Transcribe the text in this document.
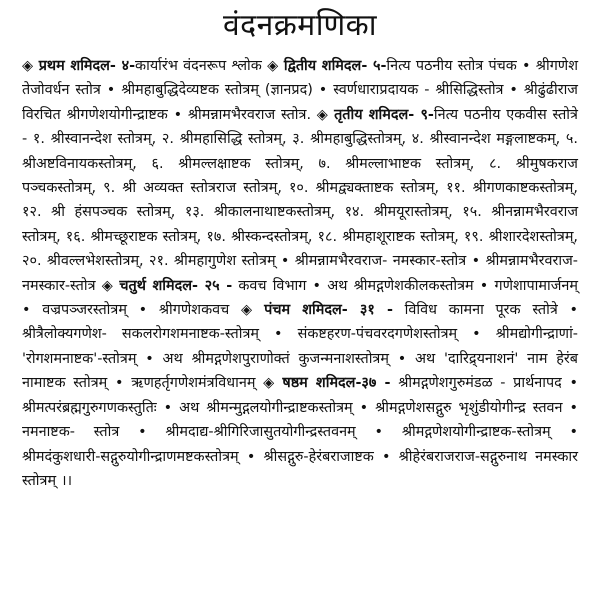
वंदनक्रमणिका

◈ प्रथम शमिदल- ४-कार्यारंभ वंदनरूप श्लोक ◈ द्वितीय शमिदल- ५-नित्य पठनीय स्तोत्र पंचक • श्रीगणेश तेजोवर्धन स्तोत्र • श्रीमहाबुद्धिदेव्यष्टक स्तोत्रम् (ज्ञानप्रद) • स्वर्णधाराप्रदायक - श्रीसिद्धिस्तोत्र • श्रीढुंढीराज विरचित श्रीगणेशयोगीन्द्राष्टक • श्रीमन्नामभैरवराज स्तोत्र. ◈ तृतीय शमिदल- ९-नित्य पठनीय एकवीस स्तोत्रे - १. श्रीस्वानन्देश स्तोत्रम्, २. श्रीमहासिद्धि स्तोत्रम्, ३. श्रीमहाबुद्धिस्तोत्रम्, ४. श्रीस्वानन्देश मङ्गलाष्टकम्, ५. श्रीअष्टविनायकस्तोत्रम्, ६. श्रीमल्लक्षाष्टक स्तोत्रम्, ७. श्रीमल्लाभाष्टक स्तोत्रम्, ८. श्रीमुषकराज पञ्चकस्तोत्रम्, ९. श्री अव्यक्त स्तोत्रराज स्तोत्रम्, १०. श्रीमद्व्यक्ताष्टक स्तोत्रम्, ११. श्रीगणकाष्टकस्तोत्रम्, १२. श्री हंसपञ्चक स्तोत्रम्, १३. श्रीकालनाथाष्टकस्तोत्रम्, १४. श्रीमयूरास्तोत्रम्, १५. श्रीनन्नामभैरवराज स्तोत्रम्, १६. श्रीमच्छूराष्टक स्तोत्रम्, १७. श्रीस्कन्दस्तोत्रम्, १८. श्रीमहाशूराष्टक स्तोत्रम्, १९. श्रीशारदेशस्तोत्रम्, २०. श्रीवल्लभेशस्तोत्रम्, २१. श्रीमहागुणेश स्तोत्रम् • श्रीमन्नामभैरवराज- नमस्कार-स्तोत्र • श्रीमन्नामभैरवराज-नमस्कार-स्तोत्र ◈ चतुर्थ शमिदल- २५ - कवच विभाग • अथ श्रीमद्गणेशकीलकस्तोत्रम • गणेशापामार्जनम् • वज्रपञ्जरस्तोत्रम् • श्रीगणेशकवच ◈ पंचम शमिदल- ३१ - विविध कामना पूरक स्तोत्रे • श्रीत्रैलोक्यगणेश- सकलरोगशमनाष्टक-स्तोत्रम् • संकष्टहरण-पंचवरदगणेशस्तोत्रम् • श्रीमद्योगीन्द्राणां- 'रोगशमनाष्टक'-स्तोत्रम् • अथ श्रीमद्गणेशपुराणोक्तं कुजन्मनाशस्तोत्रम् • अथ 'दारिद्र्यनाशनं' नाम हेरंब नामाष्टक स्तोत्रम् • ऋणहर्तृगणेशमंत्रविधानम् ◈ षष्ठम शमिदल-३७ - श्रीमद्गणेशगुरुमंडळ - प्रार्थनापद • श्रीमत्परंब्रह्मगुरुगणकस्तुतिः • अथ श्रीमन्मुद्गलयोगीन्द्राष्टकस्तोत्रम् • श्रीमद्गणेशसद्गुरु भृशुंडीयोगीन्द्र स्तवन • नमनाष्टक- स्तोत्र • श्रीमदाद्य-श्रीगिरिजासुतयोगीन्द्रस्तवनम् • श्रीमद्गणेशयोगीन्द्राष्टक-स्तोत्रम् • श्रीमदंकुशधारी-सद्गुरुयोगीन्द्राणमष्टकस्तोत्रम् • श्रीसद्गुरु-हेरंबराजाष्टक • श्रीहेरंबराजराज-सद्गुरुनाथ नमस्कार स्तोत्रम् ।।
